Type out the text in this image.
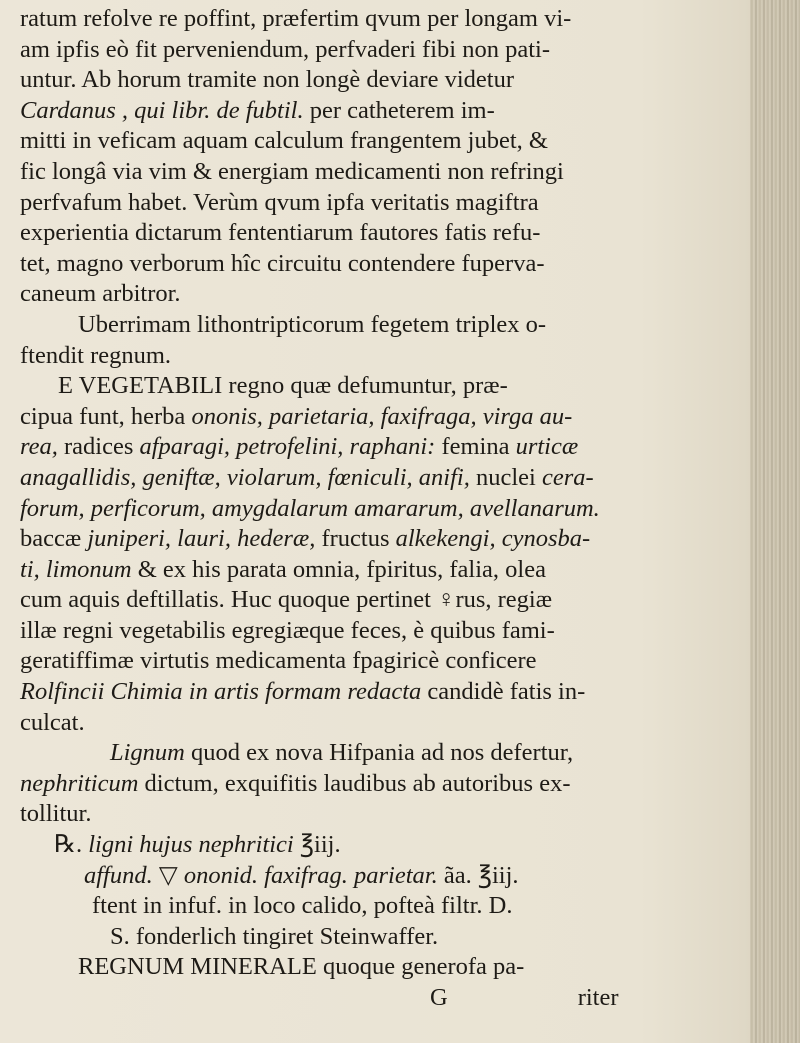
ratum refolve re poffint, præfertim qvum per longam vi-
am ipfis eò fit perveniendum, perfvaderi fibi non pati-
untur. Ab horum tramite non longè deviare videtur
Cardanus , qui libr. de fubtil. per catheterem im-
mitti in veficam aquam calculum frangentem jubet, &
fic longâ via vim & energiam medicamenti non refringi
perfvafum habet. Verùm qvum ipfa veritatis magiftra
experientia dictarum fententiarum fautores fatis refu-
tet, magno verborum hîc circuitu contendere fuperva-
caneum arbitror.
Uberrimam lithontripticorum fegetem triplex o-
ftendit regnum.
E VEGETABILI regno quæ defumuntur, præ-
cipua funt, herba ononis, parietaria, faxifraga, virga au-
rea, radices afparagi, petrofelini, raphani: femina urticæ
anagallidis, geniftæ, violarum, fœniculi, anifi, nuclei cera-
forum, perficorum, amygdalarum amararum, avellanarum.
baccæ juniperi, lauri, hederæ, fructus alkekengi, cynosba-
ti, limonum & ex his parata omnia, fpiritus, falia, olea
cum aquis deftillatis. Huc quoque pertinet ♀rus, regiæ
illæ regni vegetabilis egregiæque feces, è quibus fami-
geratiffimæ virtutis medicamenta fpagiricè conficere
Rolfincii Chimia in artis formam redacta candidè fatis in-
culcat.
Lignum quod ex nova Hifpania ad nos defertur,
nephriticum dictum, exquifitis laudibus ab autoribus ex-
tollitur.
℞. ligni hujus nephritici ℥iij.
affund. ▽ ononid. faxifrag. parietar. ãa. ℥iij.
ftent in infuf. in loco calido, pofteà filtr. D.
S. fonderlich tingiret Steinwaffer.
REGNUM MINERALE quoque generofa pa-
G	riter
